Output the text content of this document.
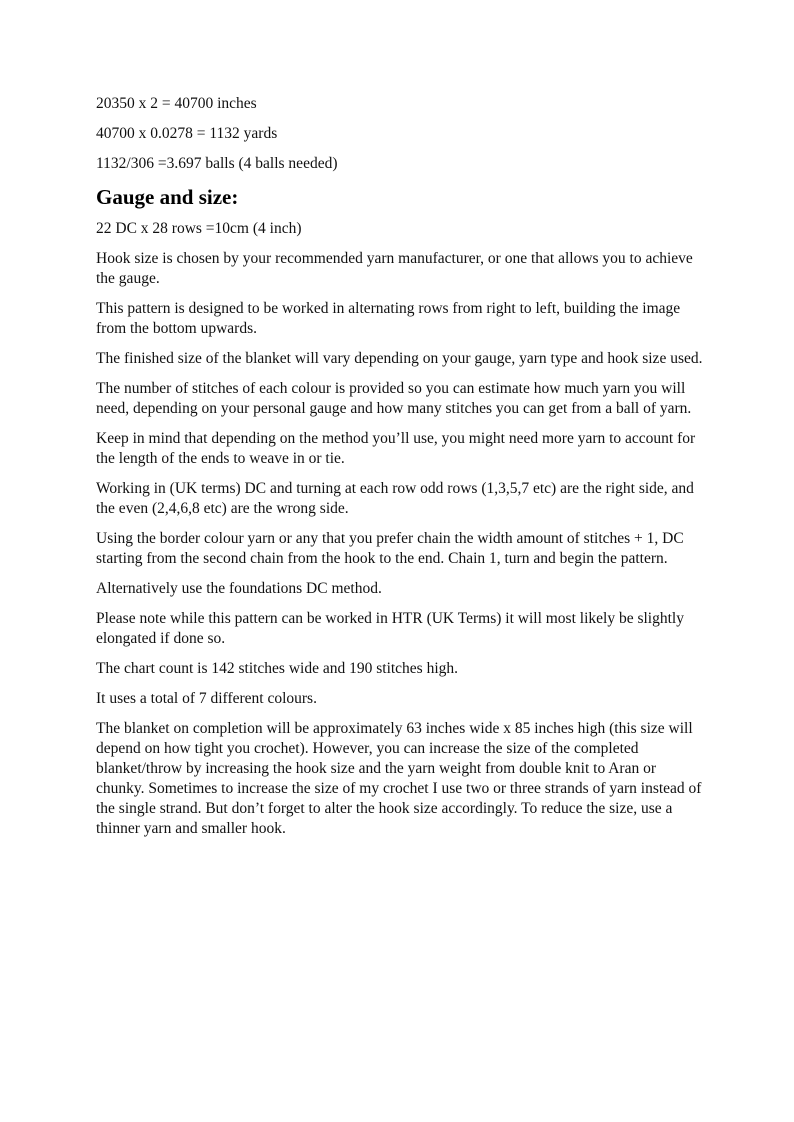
20350 x 2 = 40700 inches

40700 x 0.0278 = 1132 yards

1132/306 =3.697 balls (4 balls needed)

Gauge and size:

22 DC x 28 rows =10cm (4 inch)

Hook size is chosen by your recommended yarn manufacturer, or one that allows you to achieve the gauge.

This pattern is designed to be worked in alternating rows from right to left, building the image from the bottom upwards.

The finished size of the blanket will vary depending on your gauge, yarn type and hook size used.

The number of stitches of each colour is provided so you can estimate how much yarn you will need, depending on your personal gauge and how many stitches you can get from a ball of yarn.

Keep in mind that depending on the method you’ll use, you might need more yarn to account for the length of the ends to weave in or tie.

Working in (UK terms) DC and turning at each row odd rows (1,3,5,7 etc) are the right side, and the even (2,4,6,8 etc) are the wrong side.

Using the border colour yarn or any that you prefer chain the width amount of stitches + 1, DC starting from the second chain from the hook to the end. Chain 1, turn and begin the pattern.

Alternatively use the foundations DC method.

Please note while this pattern can be worked in HTR (UK Terms) it will most likely be slightly elongated if done so.

The chart count is 142 stitches wide and 190 stitches high.

It uses a total of 7 different colours.

The blanket on completion will be approximately 63 inches wide x 85 inches high (this size will depend on how tight you crochet). However, you can increase the size of the completed blanket/throw by increasing the hook size and the yarn weight from double knit to Aran or chunky. Sometimes to increase the size of my crochet I use two or three strands of yarn instead of the single strand. But don’t forget to alter the hook size accordingly. To reduce the size, use a thinner yarn and smaller hook.
